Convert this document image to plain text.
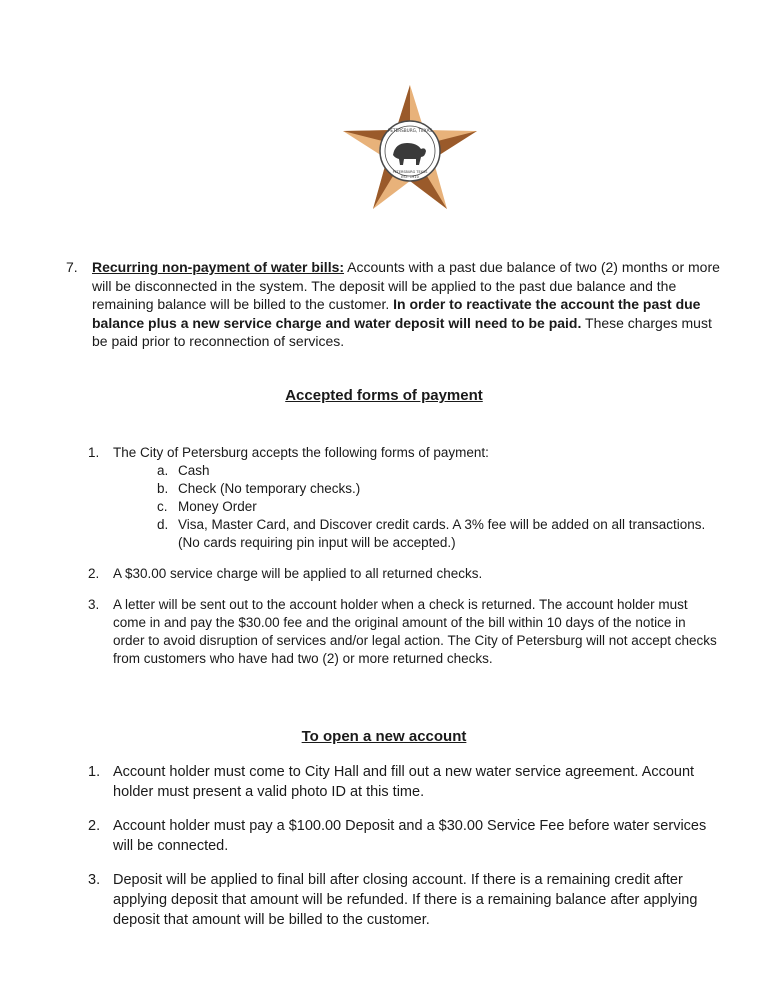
PETERSBURG, TEXAS
PETERSBURG TEXAS
EST. 1910
7. Recurring non-payment of water bills: Accounts with a past due balance of two (2) months or more will be disconnected in the system. The deposit will be applied to the past due balance and the remaining balance will be billed to the customer. In order to reactivate the account the past due balance plus a new service charge and water deposit will need to be paid. These charges must be paid prior to reconnection of services.
Accepted forms of payment
1. The City of Petersburg accepts the following forms of payment:
a. Cash
b. Check (No temporary checks.)
c. Money Order
d. Visa, Master Card, and Discover credit cards. A 3% fee will be added on all transactions. (No cards requiring pin input will be accepted.)
2. A $30.00 service charge will be applied to all returned checks.
3. A letter will be sent out to the account holder when a check is returned. The account holder must come in and pay the $30.00 fee and the original amount of the bill within 10 days of the notice in order to avoid disruption of services and/or legal action. The City of Petersburg will not accept checks from customers who have had two (2) or more returned checks.
To open a new account
1. Account holder must come to City Hall and fill out a new water service agreement. Account holder must present a valid photo ID at this time.
2. Account holder must pay a $100.00 Deposit and a $30.00 Service Fee before water services will be connected.
3. Deposit will be applied to final bill after closing account. If there is a remaining credit after applying deposit that amount will be refunded. If there is a remaining balance after applying deposit that amount will be billed to the customer.
